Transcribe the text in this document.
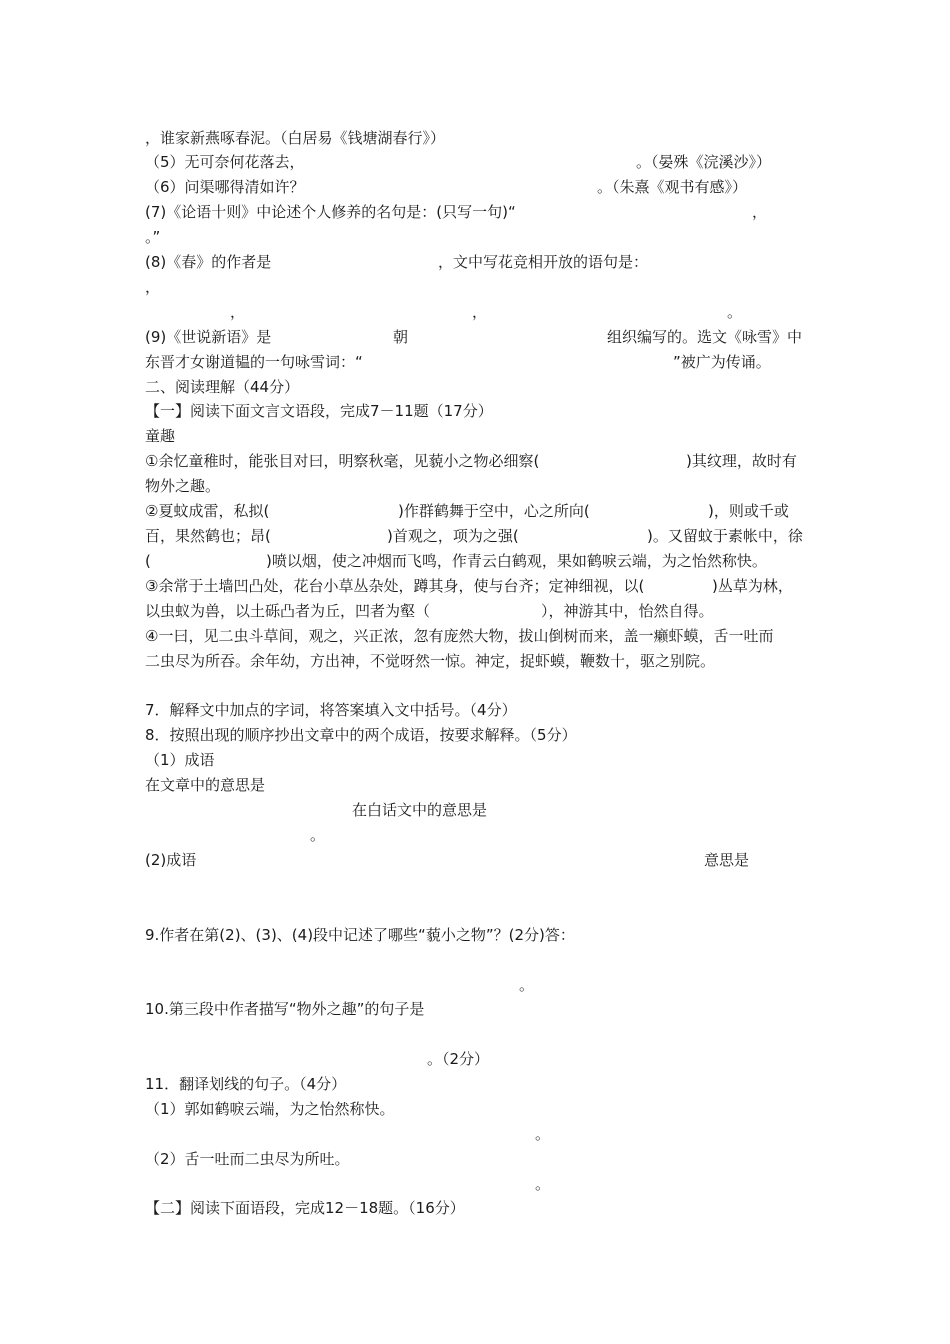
，谁家新燕啄春泥。（白居易《钱塘湖春行》）
（5）无可奈何花落去，	。（晏殊《浣溪沙》）
（6）问渠哪得清如许？	。（朱熹《观书有感》）
(7)《论语十则》中论述个人修养的名句是：(只写一句)“	，
。”
(8)《春》的作者是	，文中写花竞相开放的语句是：
，
，	，	。
(9)《世说新语》是	朝	组织编写的。选文《咏雪》中
东晋才女谢道韫的一句咏雪词：“	”被广为传诵。
二、阅读理解（44分）
【一】阅读下面文言文语段，完成7－11题（17分）
童趣
①余忆童稚时，能张目对曰，明察秋毫，见藐小之物必细察(	)其纹理，故时有
物外之趣。
②夏蚊成雷，私拟(	)作群鹤舞于空中，心之所向(	)，则或千或
百，果然鹤也；昂(	)首观之，项为之强(	)。又留蚊于素帐中，徐
(	)喷以烟，使之冲烟而飞鸣，作青云白鹤观，果如鹤唳云端，为之怡然称快。
③余常于土墙凹凸处，花台小草丛杂处，蹲其身，使与台齐；定神细视，以(	)丛草为林，
以虫蚁为兽，以土砾凸者为丘，凹者为壑（	），神游其中，怡然自得。
④一曰，见二虫斗草间，观之，兴正浓，忽有庞然大物，拔山倒树而来，盖一癞虾蟆，舌一吐而
二虫尽为所吞。余年幼，方出神，不觉呀然一惊。神定，捉虾蟆，鞭数十，驱之别院。
7．解释文中加点的字词，将答案填入文中括号。（4分）
8．按照出现的顺序抄出文章中的两个成语，按要求解释。（5分）
（1）成语
在文章中的意思是
在白话文中的意思是
。
(2)成语	意思是
9.作者在第(2)、(3)、(4)段中记述了哪些“藐小之物”？(2分)答：
。
10.第三段中作者描写“物外之趣”的句子是
。（2分）
11．翻译划线的句子。（4分）
（1）郭如鹤唳云端，为之怡然称快。
。
（2）舌一吐而二虫尽为所吐。
。
【二】阅读下面语段，完成12－18题。（16分）
